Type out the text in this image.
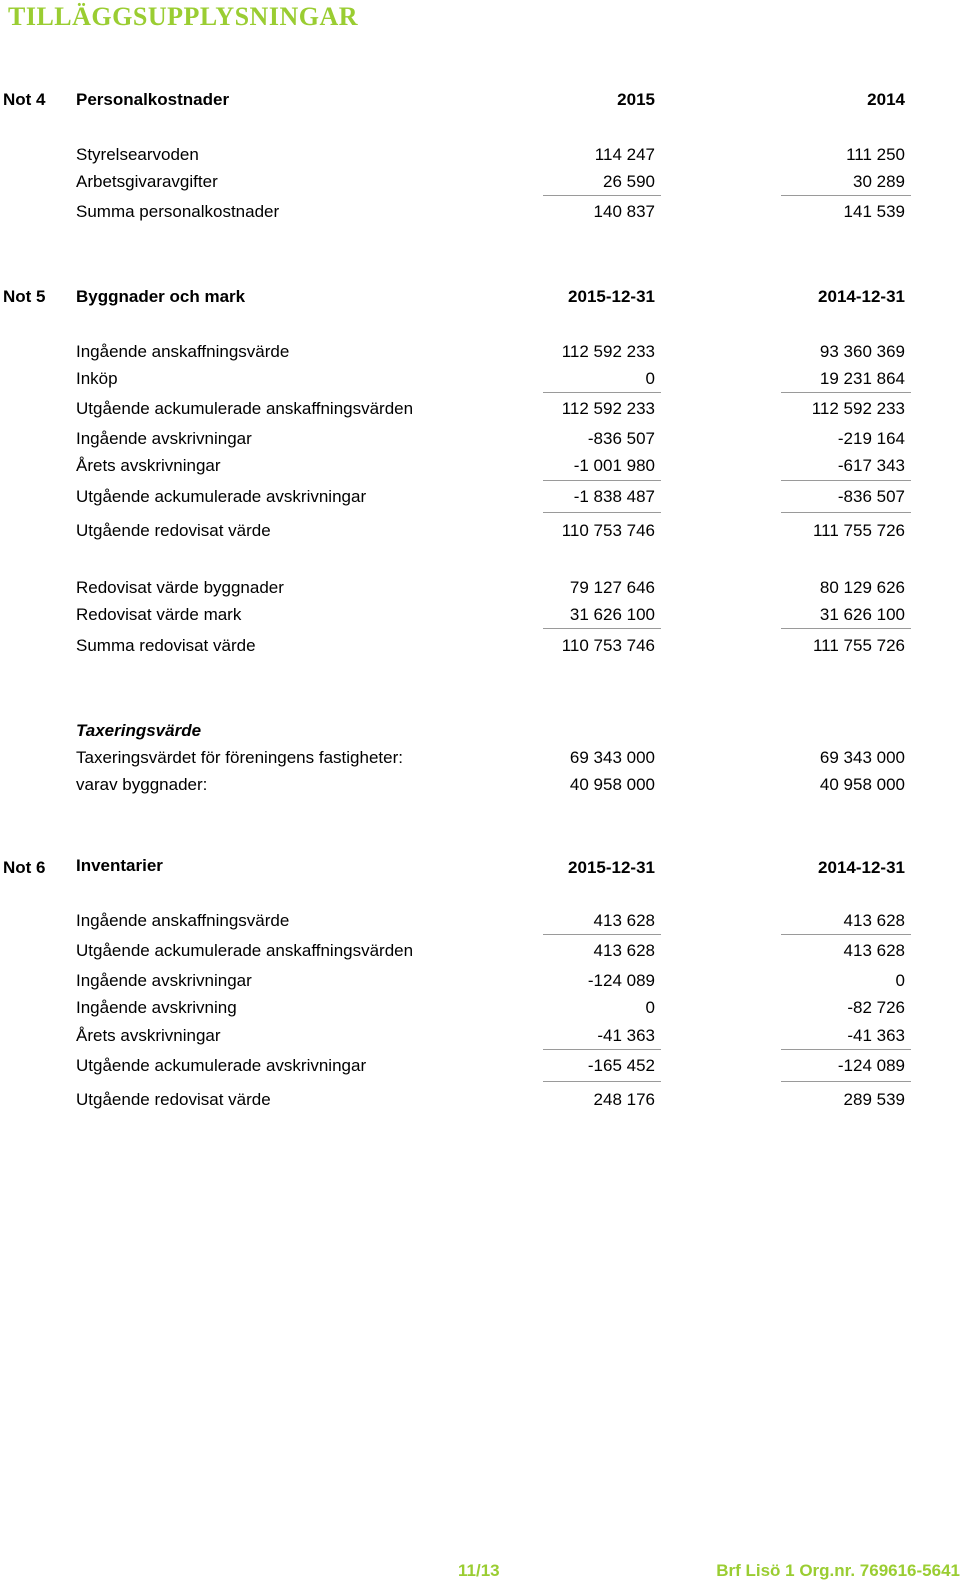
TILLÄGGSUPPLYSNINGAR
Not 4 Personalkostnader	2015	2014
Styrelsearvoden	114 247	111 250
Arbetsgivaravgifter	26 590	30 289
Summa personalkostnader	140 837	141 539
Not 5 Byggnader och mark	2015-12-31	2014-12-31
Ingående anskaffningsvärde	112 592 233	93 360 369
Inköp	0	19 231 864
Utgående ackumulerade anskaffningsvärden	112 592 233	112 592 233
Ingående avskrivningar	-836 507	-219 164
Årets avskrivningar	-1 001 980	-617 343
Utgående ackumulerade avskrivningar	-1 838 487	-836 507
Utgående redovisat värde	110 753 746	111 755 726
Redovisat värde byggnader	79 127 646	80 129 626
Redovisat värde mark	31 626 100	31 626 100
Summa redovisat värde	110 753 746	111 755 726
Taxeringsvärde
Taxeringsvärdet för föreningens fastigheter:	69 343 000	69 343 000
varav byggnader:	40 958 000	40 958 000
Not 6 Inventarier	2015-12-31	2014-12-31
Ingående anskaffningsvärde	413 628	413 628
Utgående ackumulerade anskaffningsvärden	413 628	413 628
Ingående avskrivningar	-124 089	0
Ingående avskrivning	0	-82 726
Årets avskrivningar	-41 363	-41 363
Utgående ackumulerade avskrivningar	-165 452	-124 089
Utgående redovisat värde	248 176	289 539
11/13	Brf Lisö 1 Org.nr. 769616-5641
